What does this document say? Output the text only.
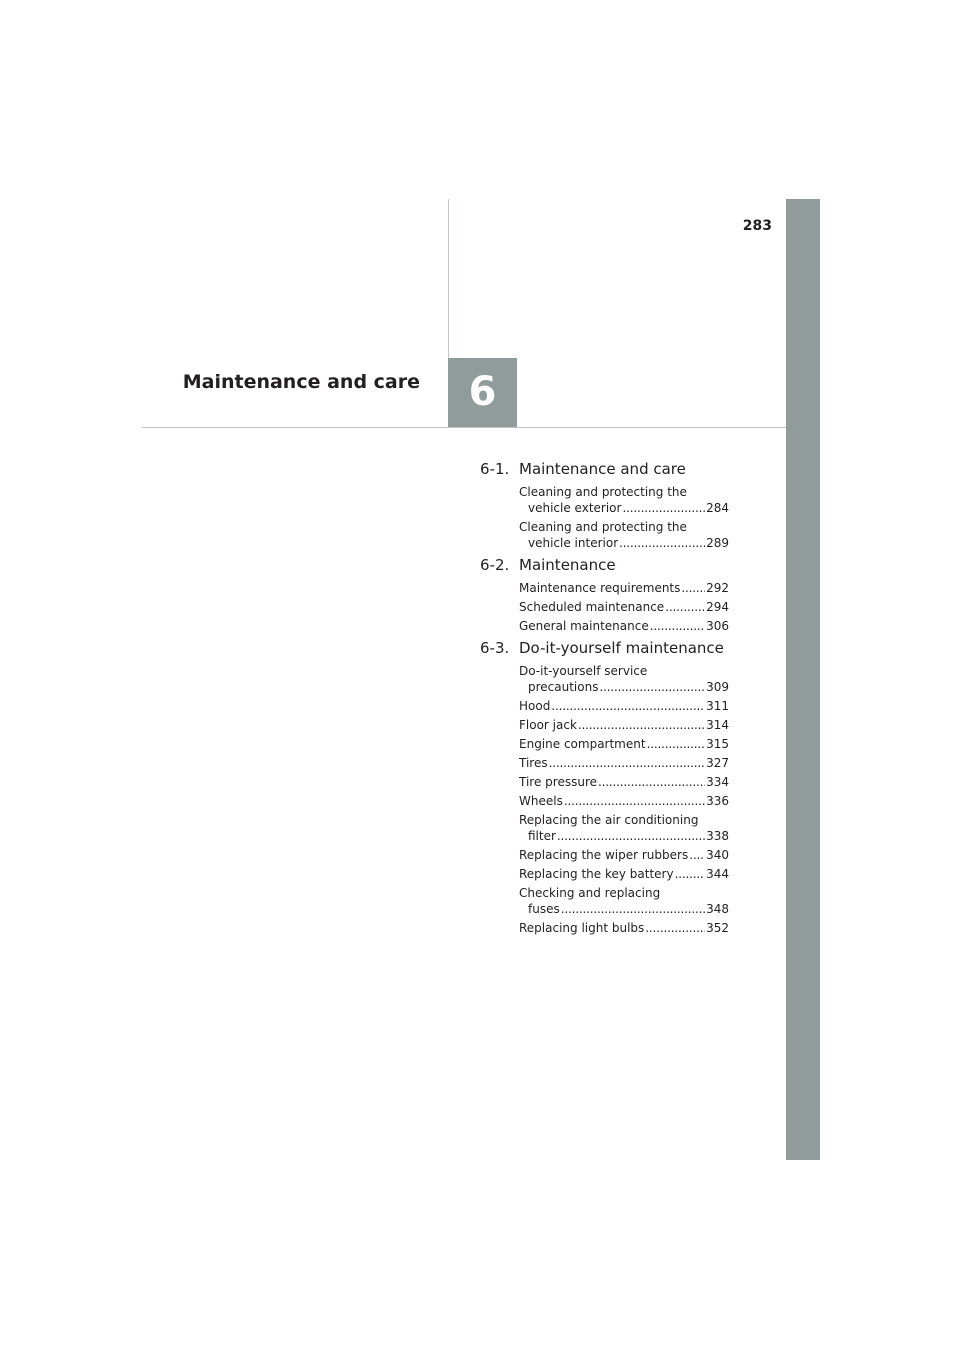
6
283
Maintenance and care
6-1. Maintenance and care
Cleaning and protecting the
vehicle exterior . . .	284
Cleaning and protecting the
vehicle interior . . .	289
6-2. Maintenance
Maintenance requirements . . . 292
Scheduled maintenance . . .	294
General maintenance . . .	306
6-3. Do-it-yourself maintenance
Do-it-yourself service
precautions . . .	309
Hood . . .	311
Floor jack . . .	314
Engine compartment . . .	315
Tires . . .	327
Tire pressure . . .	334
Wheels . . .	336
Replacing the air conditioning
filter . . .	338
Replacing the wiper rubbers . . . 340
Replacing the key battery . . .	344
Checking and replacing
fuses . . .	348
Replacing light bulbs . . .	352
